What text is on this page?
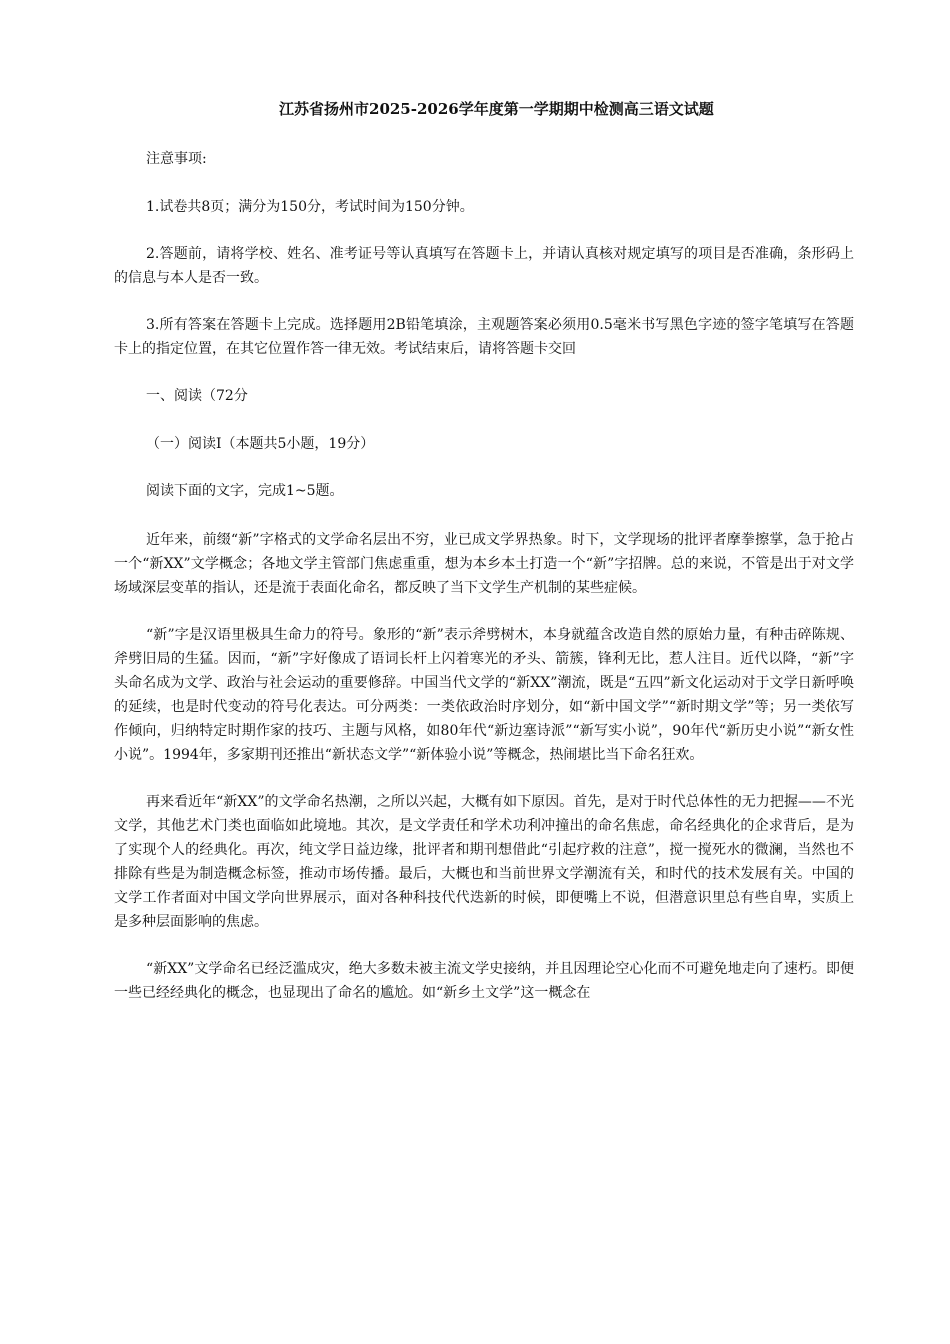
江苏省扬州市2025-2026学年度第一学期期中检测高三语文试题

注意事项:

1.试卷共8页；满分为150分，考试时间为150分钟。

2.答题前，请将学校、姓名、准考证号等认真填写在答题卡上，并请认真核对规定填写的项目是否准确，条形码上的信息与本人是否一致。

3.所有答案在答题卡上完成。选择题用2B铅笔填涂，主观题答案必须用0.5毫米书写黑色字迹的签字笔填写在答题卡上的指定位置，在其它位置作答一律无效。考试结束后，请将答题卡交回

一、阅读（72分

（一）阅读Ⅰ（本题共5小题，19分）

阅读下面的文字，完成1~5题。

近年来，前缀“新”字格式的文学命名层出不穷，业已成文学界热象。时下，文学现场的批评者摩拳擦掌，急于抢占一个“新XX”文学概念；各地文学主管部门焦虑重重，想为本乡本土打造一个“新”字招牌。总的来说，不管是出于对文学场域深层变革的指认，还是流于表面化命名，都反映了当下文学生产机制的某些症候。

“新”字是汉语里极具生命力的符号。象形的“新”表示斧劈树木，本身就蕴含改造自然的原始力量，有种击碎陈规、斧劈旧局的生猛。因而，“新”字好像成了语词长杆上闪着寒光的矛头、箭簇，锋利无比，惹人注目。近代以降，“新”字头命名成为文学、政治与社会运动的重要修辞。中国当代文学的“新XX”潮流，既是“五四”新文化运动对于文学日新呼唤的延续，也是时代变动的符号化表达。可分两类：一类依政治时序划分，如“新中国文学”“新时期文学”等；另一类依写作倾向，归纳特定时期作家的技巧、主题与风格，如80年代“新边塞诗派”“新写实小说”，90年代“新历史小说”“新女性小说”。1994年，多家期刊还推出“新状态文学”“新体验小说”等概念，热闹堪比当下命名狂欢。

再来看近年“新XX”的文学命名热潮，之所以兴起，大概有如下原因。首先，是对于时代总体性的无力把握——不光文学，其他艺术门类也面临如此境地。其次，是文学责任和学术功利冲撞出的命名焦虑，命名经典化的企求背后，是为了实现个人的经典化。再次，纯文学日益边缘，批评者和期刊想借此“引起疗救的注意”，搅一搅死水的微澜，当然也不排除有些是为制造概念标签，推动市场传播。最后，大概也和当前世界文学潮流有关，和时代的技术发展有关。中国的文学工作者面对中国文学向世界展示，面对各种科技代代迭新的时候，即便嘴上不说，但潜意识里总有些自卑，实质上是多种层面影响的焦虑。

“新XX”文学命名已经泛滥成灾，绝大多数未被主流文学史接纳，并且因理论空心化而不可避免地走向了速朽。即便一些已经经典化的概念，也显现出了命名的尴尬。如“新乡土文学”这一概念在
